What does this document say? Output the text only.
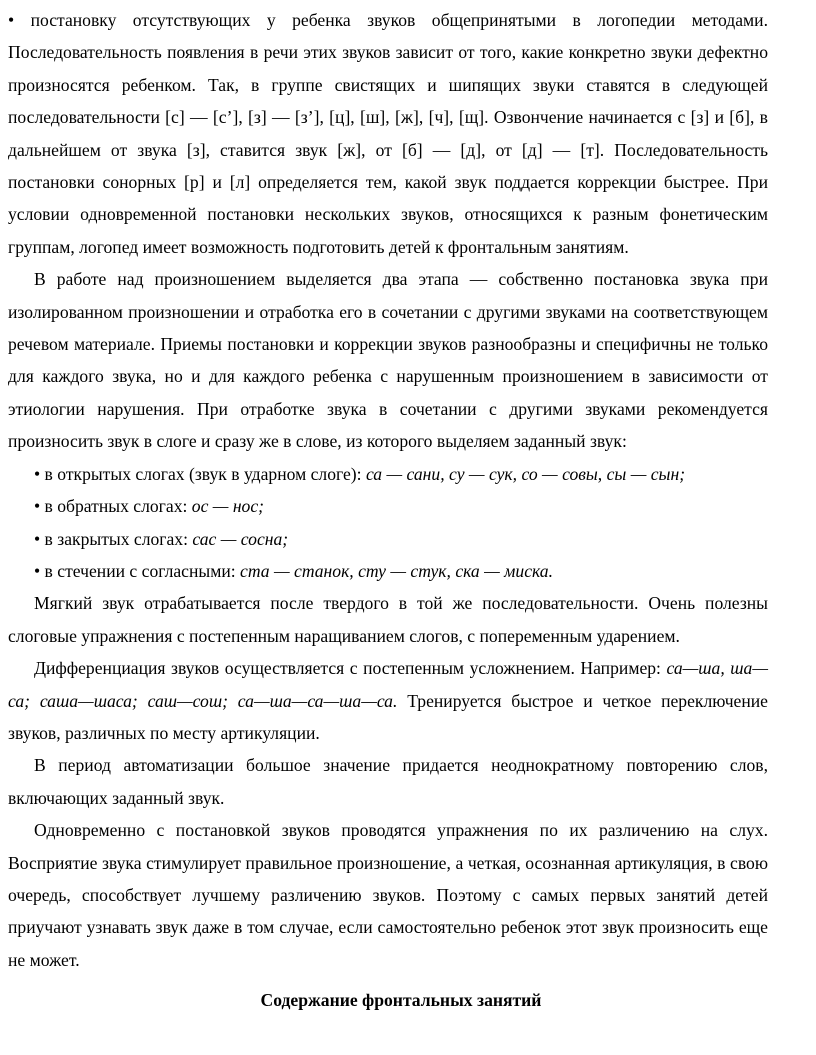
• постановку отсутствующих у ребенка звуков общепринятыми в логопедии методами. Последовательность появления в речи этих звуков зависит от того, какие конкретно звуки дефектно произносятся ребенком. Так, в группе свистящих и шипящих звуки ставятся в следующей последовательности [с] — [с’], [з] — [з’], [ц], [ш], [ж], [ч], [щ]. Озвончение начинается с [з] и [б], в дальнейшем от звука [з], ставится звук [ж], от [б] — [д], от [д] — [т]. Последовательность постановки сонорных [р] и [л] определяется тем, какой звук поддается коррекции быстрее. При условии одновременной постановки нескольких звуков, относящихся к разным фонетическим группам, логопед имеет возможность подготовить детей к фронтальным занятиям.

В работе над произношением выделяется два этапа — собственно постановка звука при изолированном произношении и отработка его в сочетании с другими звуками на соответствующем речевом материале. Приемы постановки и коррекции звуков разнообразны и специфичны не только для каждого звука, но и для каждого ребенка с нарушенным произношением в зависимости от этиологии нарушения. При отработке звука в сочетании с другими звуками рекомендуется произносить звук в слоге и сразу же в слове, из которого выделяем заданный звук:

• в открытых слогах (звук в ударном слоге): са — сани, су — сук, со — совы, сы — сын;

• в обратных слогах: ос — нос;

• в закрытых слогах: сас — сосна;

• в стечении с согласными: ста — станок, сту — стук, ска — миска.

Мягкий звук отрабатывается после твердого в той же последовательности. Очень полезны слоговые упражнения с постепенным наращиванием слогов, с попеременным ударением.

Дифференциация звуков осуществляется с постепенным усложнением. Например: са—ша, ша—са; саша—шаса; саш—сош; са—ша—са—ша—са. Тренируется быстрое и четкое переключение звуков, различных по месту артикуляции.

В период автоматизации большое значение придается неоднократному повторению слов, включающих заданный звук.

Одновременно с постановкой звуков проводятся упражнения по их различению на слух. Восприятие звука стимулирует правильное произношение, а четкая, осознанная артикуляция, в свою очередь, способствует лучшему различению звуков. Поэтому с самых первых занятий детей приучают узнавать звук даже в том случае, если самостоятельно ребенок этот звук произносить еще не может.

Содержание фронтальных занятий
